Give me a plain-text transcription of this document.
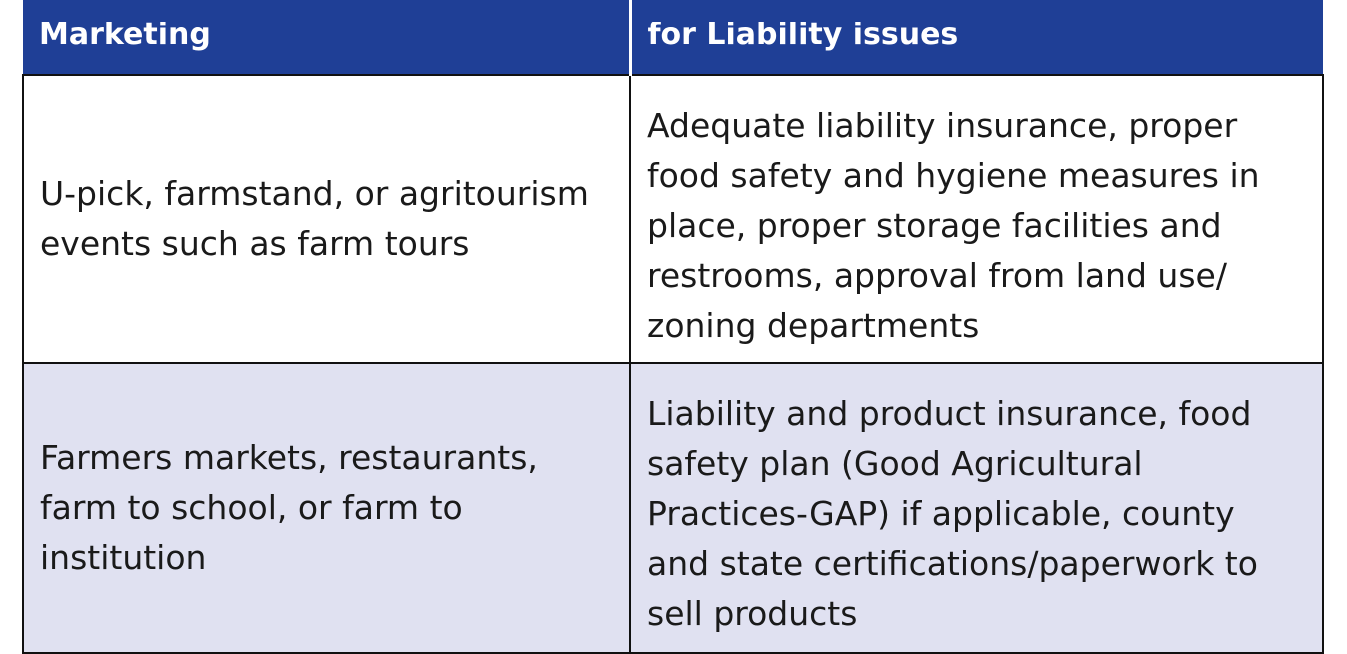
Marketing	for Liability issues

U-pick, farmstand, or agritourism events such as farm tours	Adequate liability insurance, proper food safety and hygiene measures in place, proper storage facilities and restrooms, approval from land use/ zoning departments

Farmers markets, restaurants, farm to school, or farm to institution	Liability and product insurance, food safety plan (Good Agricultural Practices-GAP) if applicable, county and state certifications/paperwork to sell products
